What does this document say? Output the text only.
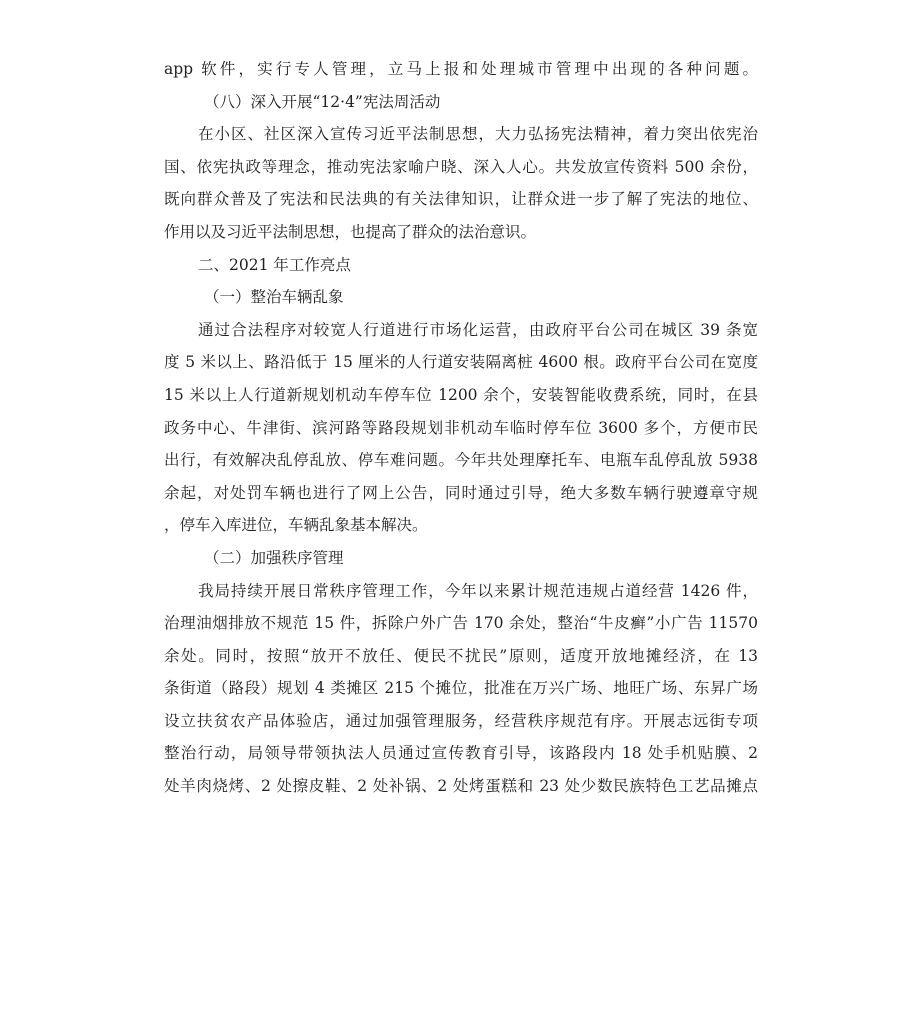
app 软件，实行专人管理，立马上报和处理城市管理中出现的各种问题。
（八）深入开展“12·4”宪法周活动
在小区、社区深入宣传习近平法制思想，大力弘扬宪法精神，着力突出依宪治
国、依宪执政等理念，推动宪法家喻户晓、深入人心。共发放宣传资料 500 余份，
既向群众普及了宪法和民法典的有关法律知识，让群众进一步了解了宪法的地位、
作用以及习近平法制思想，也提高了群众的法治意识。
二、2021 年工作亮点
（一）整治车辆乱象
通过合法程序对较宽人行道进行市场化运营，由政府平台公司在城区 39 条宽
度 5 米以上、路沿低于 15 厘米的人行道安装隔离桩 4600 根。政府平台公司在宽度
15 米以上人行道新规划机动车停车位 1200 余个，安装智能收费系统，同时，在县
政务中心、牛津街、滨河路等路段规划非机动车临时停车位 3600 多个，方便市民
出行，有效解决乱停乱放、停车难问题。今年共处理摩托车、电瓶车乱停乱放 5938
余起，对处罚车辆也进行了网上公告，同时通过引导，绝大多数车辆行驶遵章守规
，停车入库进位，车辆乱象基本解决。
（二）加强秩序管理
我局持续开展日常秩序管理工作，今年以来累计规范违规占道经营 1426 件，
治理油烟排放不规范 15 件，拆除户外广告 170 余处，整治“牛皮癣”小广告 11570
余处。同时，按照“放开不放任、便民不扰民”原则，适度开放地摊经济，在 13
条街道（路段）规划 4 类摊区 215 个摊位，批准在万兴广场、地旺广场、东昇广场
设立扶贫农产品体验店，通过加强管理服务，经营秩序规范有序。开展志远街专项
整治行动，局领导带领执法人员通过宣传教育引导，该路段内 18 处手机贴膜、2
处羊肉烧烤、2 处擦皮鞋、2 处补锅、2 处烤蛋糕和 23 处少数民族特色工艺品摊点
